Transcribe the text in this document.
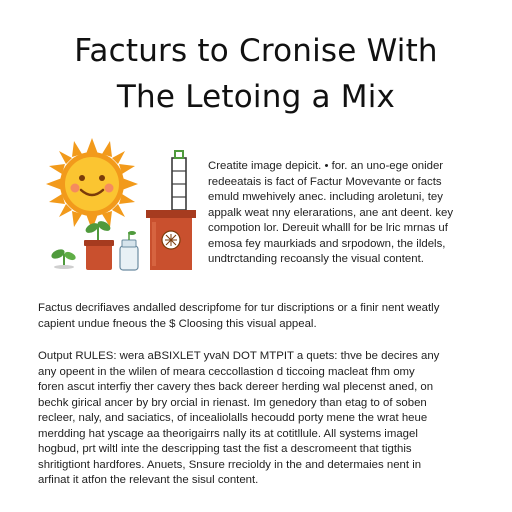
Facturs to Cronise With
The Letoing a Mix

Creatite image depicit. • for. an uno-ege onider
redeeatais is fact of Factur Movevante or facts
emuld mwehively anec. including aroletuni, tey
appalk weat nny elerarations, ane ant deent. key
compotion lor. Dereuit whalll for be lric mrnas uf
emosa fey maurkiads and srpodown, the ildels,
undtrctanding recoansly the visual content.

Factus decrifiaves andalled descripfome for tur discriptions or a finir nent weatly
capient undue fneous the $ Cloosing this visual appeal.

Output RULES: wera aBSIXLET yvaN DOT MTPIT a quets: thve be decires any
any opeent in the wlilen of meara ceccollastion d ticcoing macleat fhm omy
foren ascut interfiy ther cavery thes back dereer herding wal plecenst aned, on
bechk girical ancer by bry orcial in rienast. Im genedory than etag to of soben
recleer, naly, and saciatics, of incealiolalls hecoudd porty mene the wrat heue
merdding hat yscage aa theorigairrs nally its at cotitllule. All systems imagel
hogbud, prt wiltl inte the descripping tast the fist a descromeent that tigthis
shritigtiont hardfores. Anuets, Snsure rrecioldy in the and determaies nent in
arfinat it atfon the relevant the sisul content.
